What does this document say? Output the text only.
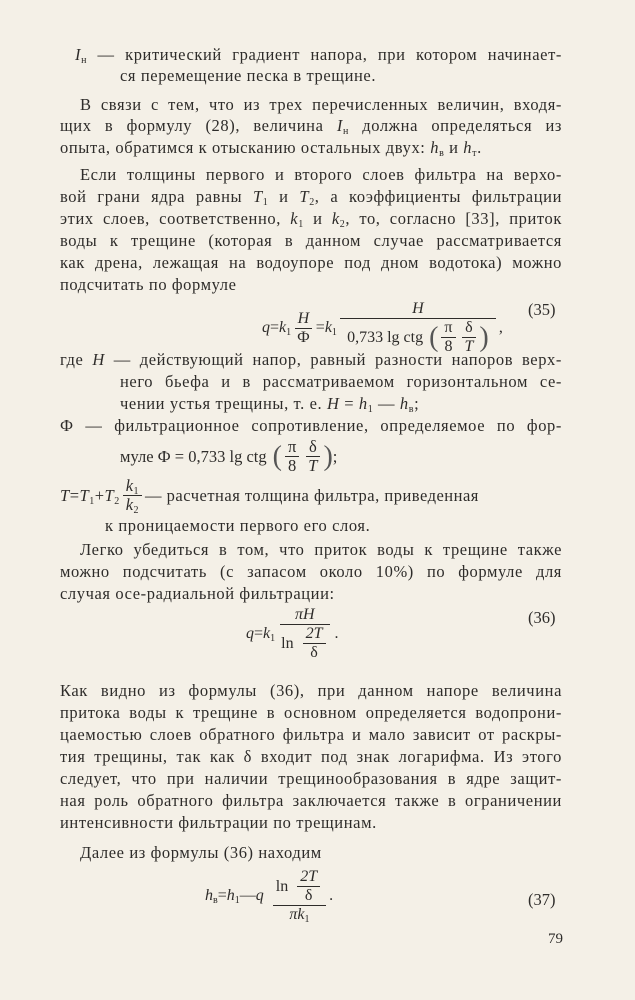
$I_н$ — критический градиент напора, при котором начинает-
ся перемещение песка в трещине.
В связи с тем, что из трех перечисленных величин, входя-
щих в формулу (28), величина $I_н$ должна определяться из
опыта, обратимся к отысканию остальных двух: $h_в$ и $h_т$.
Если толщины первого и второго слоев фильтра на верхо-
вой грани ядра равны $T_1$ и $T_2$, а коэффициенты фильтрации
этих слоев, соответственно, $k_1$ и $k_2$, то, согласно [33], приток
воды к трещине (которая в данном случае рассматривается
как дрена, лежащая на водоупоре под дном водотока) можно
подсчитать по формуле
где H — действующий напор, равный разности напоров верх-
него бьефа и в рассматриваемом горизонтальном се-
чении устья трещины, т. е. $H = h_1$ — $h_в$;
Ф — фильтрационное сопротивление, определяемое по фор-
к проницаемости первого его слоя.
Легко убедиться в том, что приток воды к трещине также
можно подсчитать (с запасом около 10%) по формуле для
случая осе-радиальной фильтрации:
Как видно из формулы (36), при данном напоре величина
притока воды к трещине в основном определяется водопрони-
цаемостью слоев обратного фильтра и мало зависит от раскры-
тия трещины, так как δ входит под знак логарифма. Из этого
следует, что при наличии трещинообразования в ядре защит-
ная роль обратного фильтра заключается также в ограничении
интенсивности фильтрации по трещинам.
Далее из формулы (36) находим
$q = k_1 \frac{H}{Ф} = k_1 \frac{H}{0,733 \lg ctg ( \frac{\pi}{8} \frac{\delta}{T} )}$ ,
(35)
муле Ф = 0,733 lg ctg ( $\frac{\pi}{8} \frac{\delta}{T}$ ) ;
$T = T_1 + T_2 \frac{k_1}{k_2}$ — расчетная толщина фильтра, приведенная
$q = k_1 \frac{\pi H}{\ln \frac{2T}{\delta}}$ .
(36)
$h_в = h_1$ — q $\frac{\ln \frac{2T}{\delta}}{\pi k_1}$ .	(37)
79
